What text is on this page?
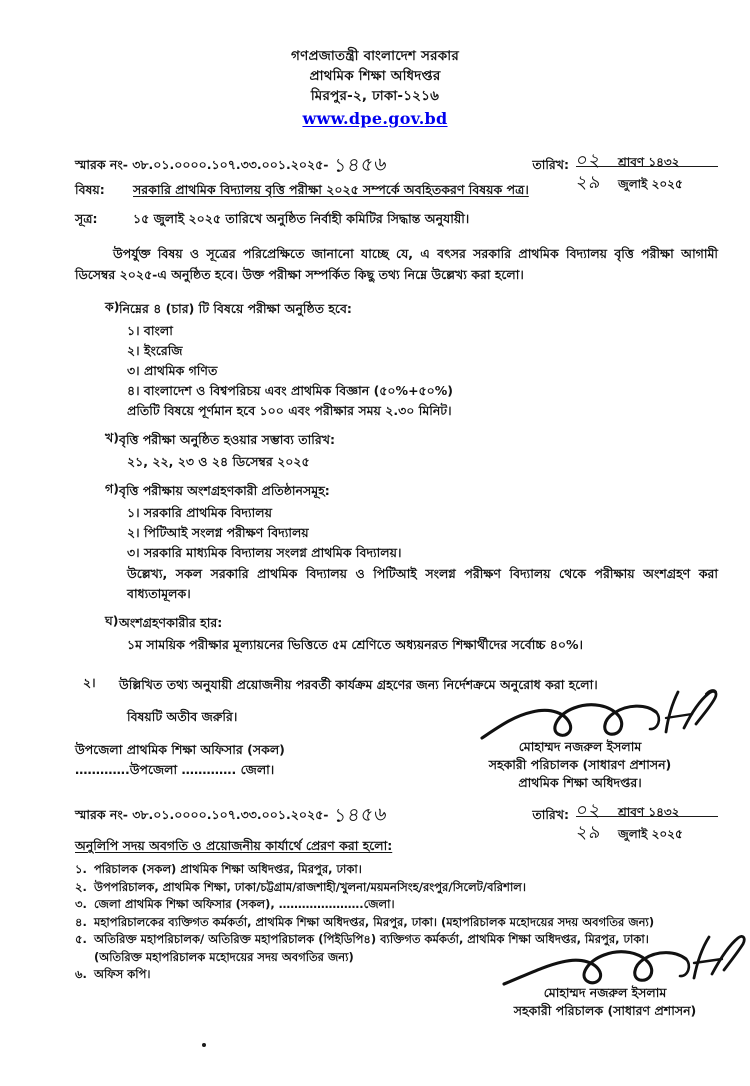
গণপ্রজাতন্ত্রী বাংলাদেশ সরকার
প্রাথমিক শিক্ষা অধিদপ্তর
মিরপুর-২, ঢাকা-১২১৬
www.dpe.gov.bd
স্মারক নং- ৩৮.০১.০০০০.১০৭.৩৩.০০১.২০২৫- ১৪৫৬	তারিখ: ০২	শ্রাবণ ১৪৩২
২৯	জুলাই ২০২৫
বিষয়:	সরকারি প্রাথমিক বিদ্যালয় বৃত্তি পরীক্ষা ২০২৫ সম্পর্কে অবহিতকরণ বিষয়ক পত্র।
সূত্র:	১৫ জুলাই ২০২৫ তারিখে অনুষ্ঠিত নির্বাহী কমিটির সিদ্ধান্ত অনুযায়ী।

উপর্যুক্ত বিষয় ও সূত্রের পরিপ্রেক্ষিতে জানানো যাচ্ছে যে, এ বৎসর সরকারি প্রাথমিক বিদ্যালয় বৃত্তি পরীক্ষা আগামী ডিসেম্বর ২০২৫-এ অনুষ্ঠিত হবে। উক্ত পরীক্ষা সম্পর্কিত কিছু তথ্য নিম্নে উল্লেখ্য করা হলো।

ক) নিম্নের ৪ (চার) টি বিষয়ে পরীক্ষা অনুষ্ঠিত হবে:
১। বাংলা
২। ইংরেজি
৩। প্রাথমিক গণিত
৪। বাংলাদেশ ও বিশ্বপরিচয় এবং প্রাথমিক বিজ্ঞান (৫০%+৫০%)
প্রতিটি বিষয়ে পূর্ণমান হবে ১০০ এবং পরীক্ষার সময় ২.৩০ মিনিট।
খ) বৃত্তি পরীক্ষা অনুষ্ঠিত হওয়ার সম্ভাব্য তারিখ:
২১, ২২, ২৩ ও ২৪ ডিসেম্বর ২০২৫
গ) বৃত্তি পরীক্ষায় অংশগ্রহণকারী প্রতিষ্ঠানসমূহ:
১। সরকারি প্রাথমিক বিদ্যালয়
২। পিটিআই সংলগ্ন পরীক্ষণ বিদ্যালয়
৩। সরকারি মাধ্যমিক বিদ্যালয় সংলগ্ন প্রাথমিক বিদ্যালয়।
উল্লেখ্য, সকল সরকারি প্রাথমিক বিদ্যালয় ও পিটিআই সংলগ্ন পরীক্ষণ বিদ্যালয় থেকে পরীক্ষায় অংশগ্রহণ করা বাধ্যতামূলক।
ঘ) অংশগ্রহণকারীর হার:
১ম সাময়িক পরীক্ষার মূল্যায়নের ভিত্তিতে ৫ম শ্রেণিতে অধ্যয়নরত শিক্ষার্থীদের সর্বোচ্চ ৪০%।
২।	উল্লিখিত তথ্য অনুযায়ী প্রয়োজনীয় পরবর্তী কার্যক্রম গ্রহণের জন্য নির্দেশক্রমে অনুরোধ করা হলো।
বিষয়টি অতীব জরুরি।
মোহাম্মদ নজরুল ইসলাম
সহকারী পরিচালক (সাধারণ প্রশাসন)
প্রাথমিক শিক্ষা অধিদপ্তর।
উপজেলা প্রাথমিক শিক্ষা অফিসার (সকল)
………….উপজেলা …………. জেলা।
স্মারক নং- ৩৮.০১.০০০০.১০৭.৩৩.০০১.২০২৫- ১৪৫৬	তারিখ: ০২	শ্রাবণ ১৪৩২
২৯	জুলাই ২০২৫
অনুলিপি সদয় অবগতি ও প্রয়োজনীয় কার্যার্থে প্রেরণ করা হলো:
১. পরিচালক (সকল) প্রাথমিক শিক্ষা অধিদপ্তর, মিরপুর, ঢাকা।
২. উপপরিচালক, প্রাথমিক শিক্ষা, ঢাকা/চট্টগ্রাম/রাজশাহী/খুলনা/ময়মনসিংহ/রংপুর/সিলেট/বরিশাল।
৩. জেলা প্রাথমিক শিক্ষা অফিসার (সকল), ………………….জেলা।
৪. মহাপরিচালকের ব্যক্তিগত কর্মকর্তা, প্রাথমিক শিক্ষা অধিদপ্তর, মিরপুর, ঢাকা। (মহাপরিচালক মহোদয়ের সদয় অবগতির জন্য)
৫. অতিরিক্ত মহাপরিচালক/ অতিরিক্ত মহাপরিচালক (পিইডিপি৪) ব্যক্তিগত কর্মকর্তা, প্রাথমিক শিক্ষা অধিদপ্তর, মিরপুর, ঢাকা।
(অতিরিক্ত মহাপরিচালক মহোদয়ের সদয় অবগতির জন্য)
৬. অফিস কপি।
মোহাম্মদ নজরুল ইসলাম
সহকারী পরিচালক (সাধারণ প্রশাসন)
